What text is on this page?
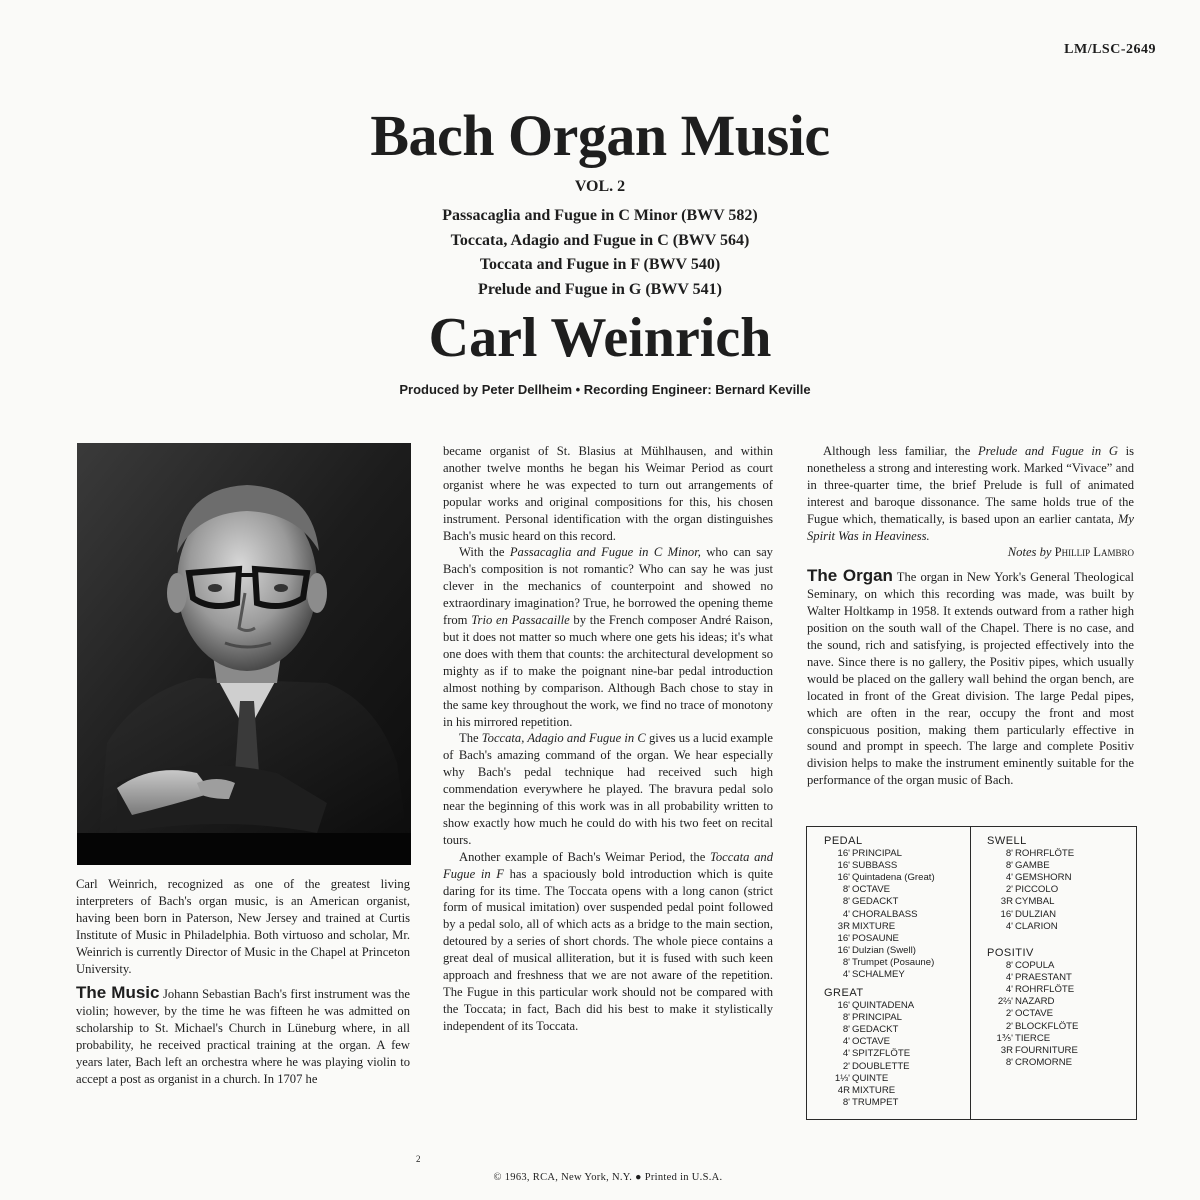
LM/LSC-2649
Bach Organ Music
VOL. 2
Passacaglia and Fugue in C Minor (BWV 582)
Toccata, Adagio and Fugue in C (BWV 564)
Toccata and Fugue in F (BWV 540)
Prelude and Fugue in G (BWV 541)
Carl Weinrich
Produced by Peter Dellheim • Recording Engineer: Bernard Keville

Carl Weinrich, recognized as one of the greatest living interpreters of Bach's organ music, is an American organist, having been born in Paterson, New Jersey and trained at Curtis Institute of Music in Philadelphia. Both virtuoso and scholar, Mr. Weinrich is currently Director of Music in the Chapel at Princeton University.

The Music Johann Sebastian Bach's first instrument was the violin; however, by the time he was fifteen he was admitted on scholarship to St. Michael's Church in Lüneburg where, in all probability, he received practical training at the organ. A few years later, Bach left an orchestra where he was playing violin to accept a post as organist in a church. In 1707 he

became organist of St. Blasius at Mühlhausen, and within another twelve months he began his Weimar Period as court organist where he was expected to turn out arrangements of popular works and original compositions for this, his chosen instrument. Personal identification with the organ distinguishes Bach's music heard on this record.

With the Passacaglia and Fugue in C Minor, who can say Bach's composition is not romantic? Who can say he was just clever in the mechanics of counterpoint and showed no extraordinary imagination? True, he borrowed the opening theme from Trio en Passacaille by the French composer André Raison, but it does not matter so much where one gets his ideas; it's what one does with them that counts: the architectural development so mighty as if to make the poignant nine-bar pedal introduction almost nothing by comparison. Although Bach chose to stay in the same key throughout the work, we find no trace of monotony in his mirrored repetition.

The Toccata, Adagio and Fugue in C gives us a lucid example of Bach's amazing command of the organ. We hear especially why Bach's pedal technique had received such high commendation everywhere he played. The bravura pedal solo near the beginning of this work was in all probability written to show exactly how much he could do with his two feet on recital tours.

Another example of Bach's Weimar Period, the Toccata and Fugue in F has a spaciously bold introduction which is quite daring for its time. The Toccata opens with a long canon (strict form of musical imitation) over suspended pedal point followed by a pedal solo, all of which acts as a bridge to the main section, detoured by a series of short chords. The whole piece contains a great deal of musical alliteration, but it is fused with such keen approach and freshness that we are not aware of the repetition. The Fugue in this particular work should not be compared with the Toccata; in fact, Bach did his best to make it stylistically independent of its Toccata.

Although less familiar, the Prelude and Fugue in G is nonetheless a strong and interesting work. Marked “Vivace” and in three-quarter time, the brief Prelude is full of animated interest and baroque dissonance. The same holds true of the Fugue which, thematically, is based upon an earlier cantata, My Spirit Was in Heaviness.

Notes by Phillip Lambro

The Organ The organ in New York's General Theological Seminary, on which this recording was made, was built by Walter Holtkamp in 1958. It extends outward from a rather high position on the south wall of the Chapel. There is no case, and the sound, rich and satisfying, is projected effectively into the nave. Since there is no gallery, the Positiv pipes, which usually would be placed on the gallery wall behind the organ bench, are located in front of the Great division. The large Pedal pipes, which are often in the rear, occupy the front and most conspicuous position, making them particularly effective in sound and prompt in speech. The large and complete Positiv division helps to make the instrument eminently suitable for the performance of the organ music of Bach.

PEDAL
16' PRINCIPAL
16' SUBBASS
16' Quintadena (Great)
8' OCTAVE
8' GEDACKT
4' CHORALBASS
3R MIXTURE
16' POSAUNE
16' Dulzian (Swell)
8' Trumpet (Posaune)
4' SCHALMEY
GREAT
16' QUINTADENA
8' PRINCIPAL
8' GEDACKT
4' OCTAVE
4' SPITZFLÖTE
2' DOUBLETTE
1⅓' QUINTE
4R MIXTURE
8' TRUMPET
SWELL
8' ROHRFLÖTE
8' GAMBE
4' GEMSHORN
2' PICCOLO
3R CYMBAL
16' DULZIAN
4' CLARION
POSITIV
8' COPULA
4' PRAESTANT
4' ROHRFLÖTE
2⅔' NAZARD
2' OCTAVE
2' BLOCKFLÖTE
1⅗' TIERCE
3R FOURNITURE
8' CROMORNE
2
© 1963, RCA, New York, N.Y. ● Printed in U.S.A.
